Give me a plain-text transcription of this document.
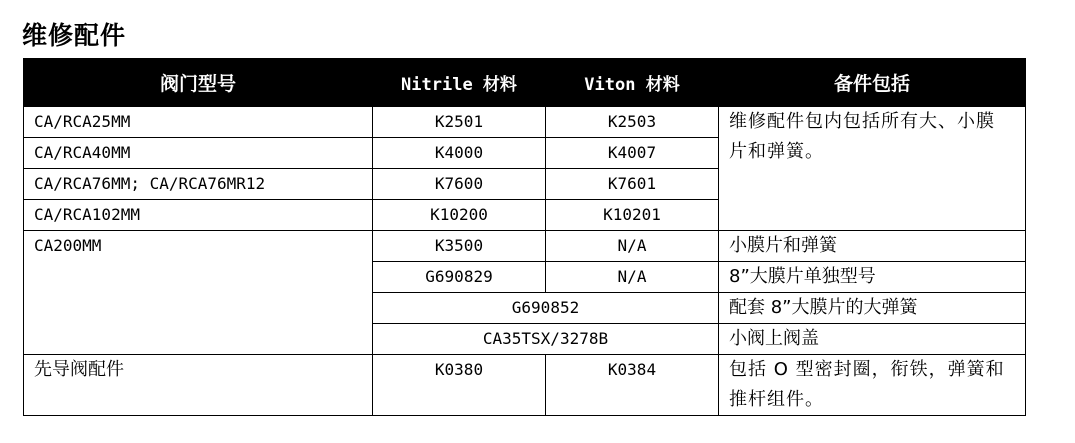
维修配件
阀门型号	Nitrile 材料	Viton 材料	备件包括
CA/RCA25MM	K2501	K2503	维修配件包内包括所有大、小膜片和弹簧。
CA/RCA40MM	K4000	K4007	
CA/RCA76MM; CA/RCA76MR12	K7600	K7601	
CA/RCA102MM	K10200	K10201	
CA200MM	K3500	N/A	小膜片和弹簧
	G690829	N/A	8”大膜片单独型号
	G690852		配套 8”大膜片的大弹簧
	CA35TSX/3278B		小阀上阀盖
先导阀配件	K0380	K0384	包括 O 型密封圈，衔铁，弹簧和推杆组件。
